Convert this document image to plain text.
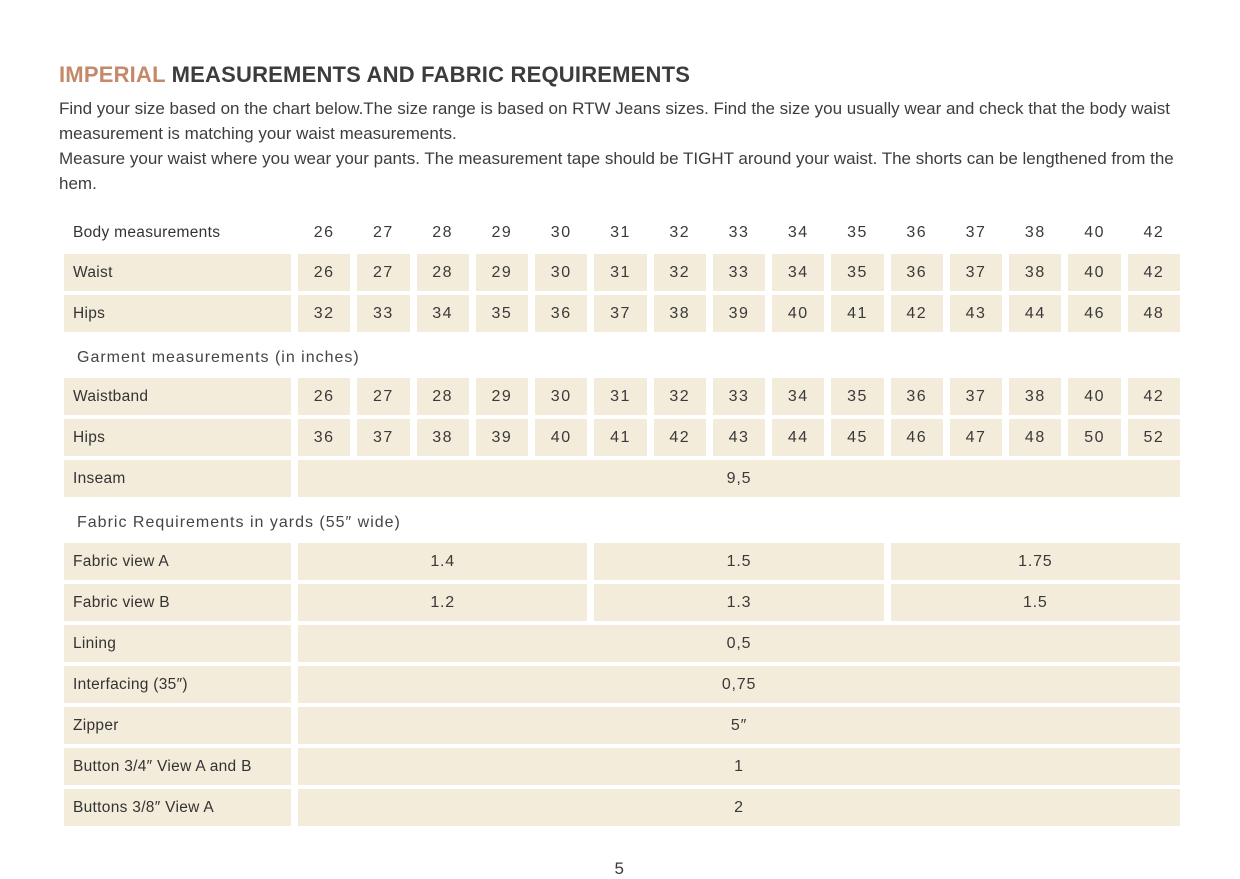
IMPERIAL MEASUREMENTS AND FABRIC REQUIREMENTS

Find your size based on the chart below.The size range is based on RTW Jeans sizes. Find the size you usually wear and check that the body waist measurement is matching your waist measurements.

Measure your waist where you wear your pants. The measurement tape should be TIGHT around your waist. The shorts can be lengthened from the hem.

Body measurements	26	27	28	29	30	31	32	33	34	35	36	37	38	40	42
Waist	26	27	28	29	30	31	32	33	34	35	36	37	38	40	42
Hips	32	33	34	35	36	37	38	39	40	41	42	43	44	46	48
Garment measurements (in inches)
Waistband	26	27	28	29	30	31	32	33	34	35	36	37	38	40	42
Hips	36	37	38	39	40	41	42	43	44	45	46	47	48	50	52
Inseam	9,5
Fabric Requirements in yards (55″ wide)
Fabric view A	1.4	1.5	1.75
Fabric view B	1.2	1.3	1.5
Lining	0,5
Interfacing (35″)	0,75
Zipper	5″
Button 3/4″ View A and B	1
Buttons 3/8″ View A	2
5
